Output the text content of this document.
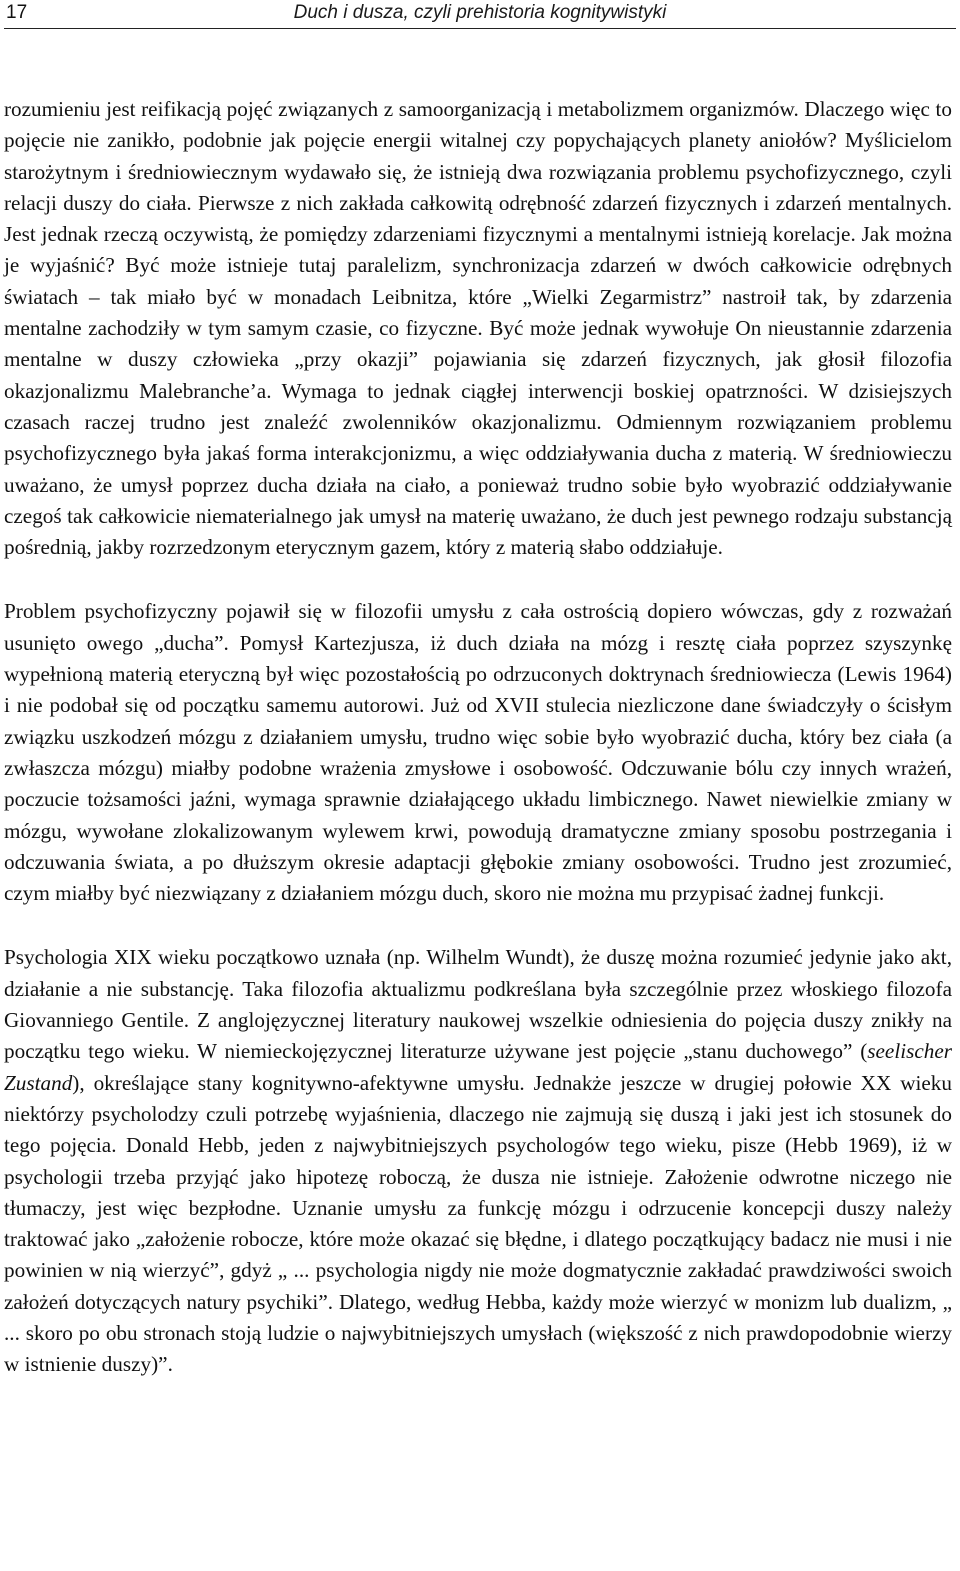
17	Duch i dusza, czyli prehistoria kognitywistyki

rozumieniu jest reifikacją pojęć związanych z samoorganizacją i metabolizmem organizmów. Dlaczego więc to pojęcie nie zanikło, podobnie jak pojęcie energii witalnej czy popychających planety aniołów? Myślicielom starożytnym i średniowiecznym wydawało się, że istnieją dwa rozwiązania problemu psychofizycznego, czyli relacji duszy do ciała. Pierwsze z nich zakłada całkowitą odrębność zdarzeń fizycznych i zdarzeń mentalnych. Jest jednak rzeczą oczywistą, że pomiędzy zdarzeniami fizycznymi a mentalnymi istnieją korelacje. Jak można je wyjaśnić? Być może istnieje tutaj paralelizm, synchronizacja zdarzeń w dwóch całkowicie odrębnych światach – tak miało być w monadach Leibnitza, które „Wielki Zegarmistrz” nastroił tak, by zdarzenia mentalne zachodziły w tym samym czasie, co fizyczne. Być może jednak wywołuje On nieustannie zdarzenia mentalne w duszy człowieka „przy okazji” pojawiania się zdarzeń fizycznych, jak głosił filozofia okazjonalizmu Malebranche’a. Wymaga to jednak ciągłej interwencji boskiej opatrzności. W dzisiejszych czasach raczej trudno jest znaleźć zwolenników okazjonalizmu. Odmiennym rozwiązaniem problemu psychofizycznego była jakaś forma interakcjonizmu, a więc oddziaływania ducha z materią. W średniowieczu uważano, że umysł poprzez ducha działa na ciało, a ponieważ trudno sobie było wyobrazić oddziaływanie czegoś tak całkowicie niematerialnego jak umysł na materię uważano, że duch jest pewnego rodzaju substancją pośrednią, jakby rozrzedzonym eterycznym gazem, który z materią słabo oddziałuje.

Problem psychofizyczny pojawił się w filozofii umysłu z cała ostrością dopiero wówczas, gdy z rozważań usunięto owego „ducha”. Pomysł Kartezjusza, iż duch działa na mózg i resztę ciała poprzez szyszynkę wypełnioną materią eteryczną był więc pozostałością po odrzuconych doktrynach średniowiecza (Lewis 1964) i nie podobał się od początku samemu autorowi. Już od XVII stulecia niezliczone dane świadczyły o ścisłym związku uszkodzeń mózgu z działaniem umysłu, trudno więc sobie było wyobrazić ducha, który bez ciała (a zwłaszcza mózgu) miałby podobne wrażenia zmysłowe i osobowość. Odczuwanie bólu czy innych wrażeń, poczucie tożsamości jaźni, wymaga sprawnie działającego układu limbicznego. Nawet niewielkie zmiany w mózgu, wywołane zlokalizowanym wylewem krwi, powodują dramatyczne zmiany sposobu postrzegania i odczuwania świata, a po dłuższym okresie adaptacji głębokie zmiany osobowości. Trudno jest zrozumieć, czym miałby być niezwiązany z działaniem mózgu duch, skoro nie można mu przypisać żadnej funkcji.

Psychologia XIX wieku początkowo uznała (np. Wilhelm Wundt), że duszę można rozumieć jedynie jako akt, działanie a nie substancję. Taka filozofia aktualizmu podkreślana była szczególnie przez włoskiego filozofa Giovanniego Gentile. Z anglojęzycznej literatury naukowej wszelkie odniesienia do pojęcia duszy znikły na początku tego wieku. W niemieckojęzycznej literaturze używane jest pojęcie „stanu duchowego” (seelischer Zustand), określające stany kognitywno-afektywne umysłu. Jednakże jeszcze w drugiej połowie XX wieku niektórzy psycholodzy czuli potrzebę wyjaśnienia, dlaczego nie zajmują się duszą i jaki jest ich stosunek do tego pojęcia. Donald Hebb, jeden z najwybitniejszych psychologów tego wieku, pisze (Hebb 1969), iż w psychologii trzeba przyjąć jako hipotezę roboczą, że dusza nie istnieje. Założenie odwrotne niczego nie tłumaczy, jest więc bezpłodne. Uznanie umysłu za funkcję mózgu i odrzucenie koncepcji duszy należy traktować jako „założenie robocze, które może okazać się błędne, i dlatego początkujący badacz nie musi i nie powinien w nią wierzyć”, gdyż „ ... psychologia nigdy nie może dogmatycznie zakładać prawdziwości swoich założeń dotyczących natury psychiki”. Dlatego, według Hebba, każdy może wierzyć w monizm lub dualizm, „ ... skoro po obu stronach stoją ludzie o najwybitniejszych umysłach (większość z nich prawdopodobnie wierzy w istnienie duszy)”.
